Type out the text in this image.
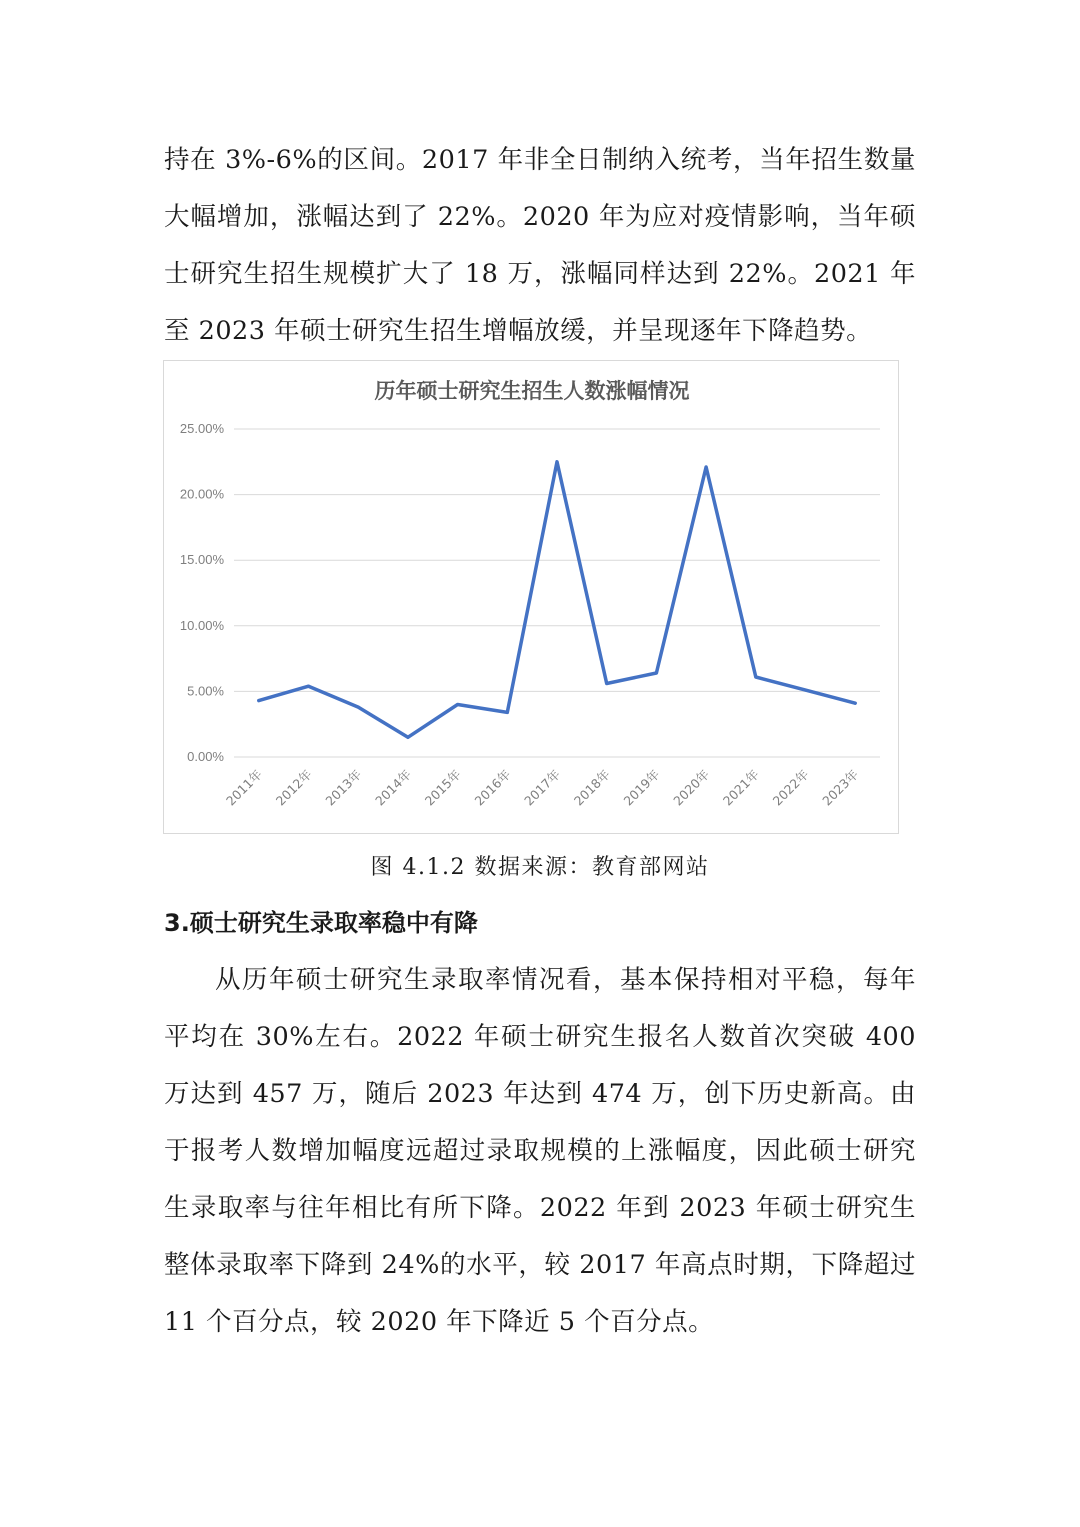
持在 3%-6%的区间。2017 年非全日制纳入统考，当年招生数量大幅增加，涨幅达到了 22%。2020 年为应对疫情影响，当年硕士研究生招生规模扩大了 18 万，涨幅同样达到 22%。2021 年至 2023 年硕士研究生招生增幅放缓，并呈现逐年下降趋势。

历年硕士研究生招生人数涨幅情况
0.00%
5.00%
10.00%
15.00%
20.00%
25.00%
2011年 2012年 2013年 2014年 2015年 2016年 2017年 2018年 2019年 2020年 2021年 2022年 2023年

图 4.1.2 数据来源：教育部网站

3.硕士研究生录取率稳中有降

从历年硕士研究生录取率情况看，基本保持相对平稳，每年平均在 30%左右。2022 年硕士研究生报名人数首次突破 400 万达到 457 万，随后 2023 年达到 474 万，创下历史新高。由于报考人数增加幅度远超过录取规模的上涨幅度，因此硕士研究生录取率与往年相比有所下降。2022 年到 2023 年硕士研究生整体录取率下降到 24%的水平，较 2017 年高点时期，下降超过 11 个百分点，较 2020 年下降近 5 个百分点。
